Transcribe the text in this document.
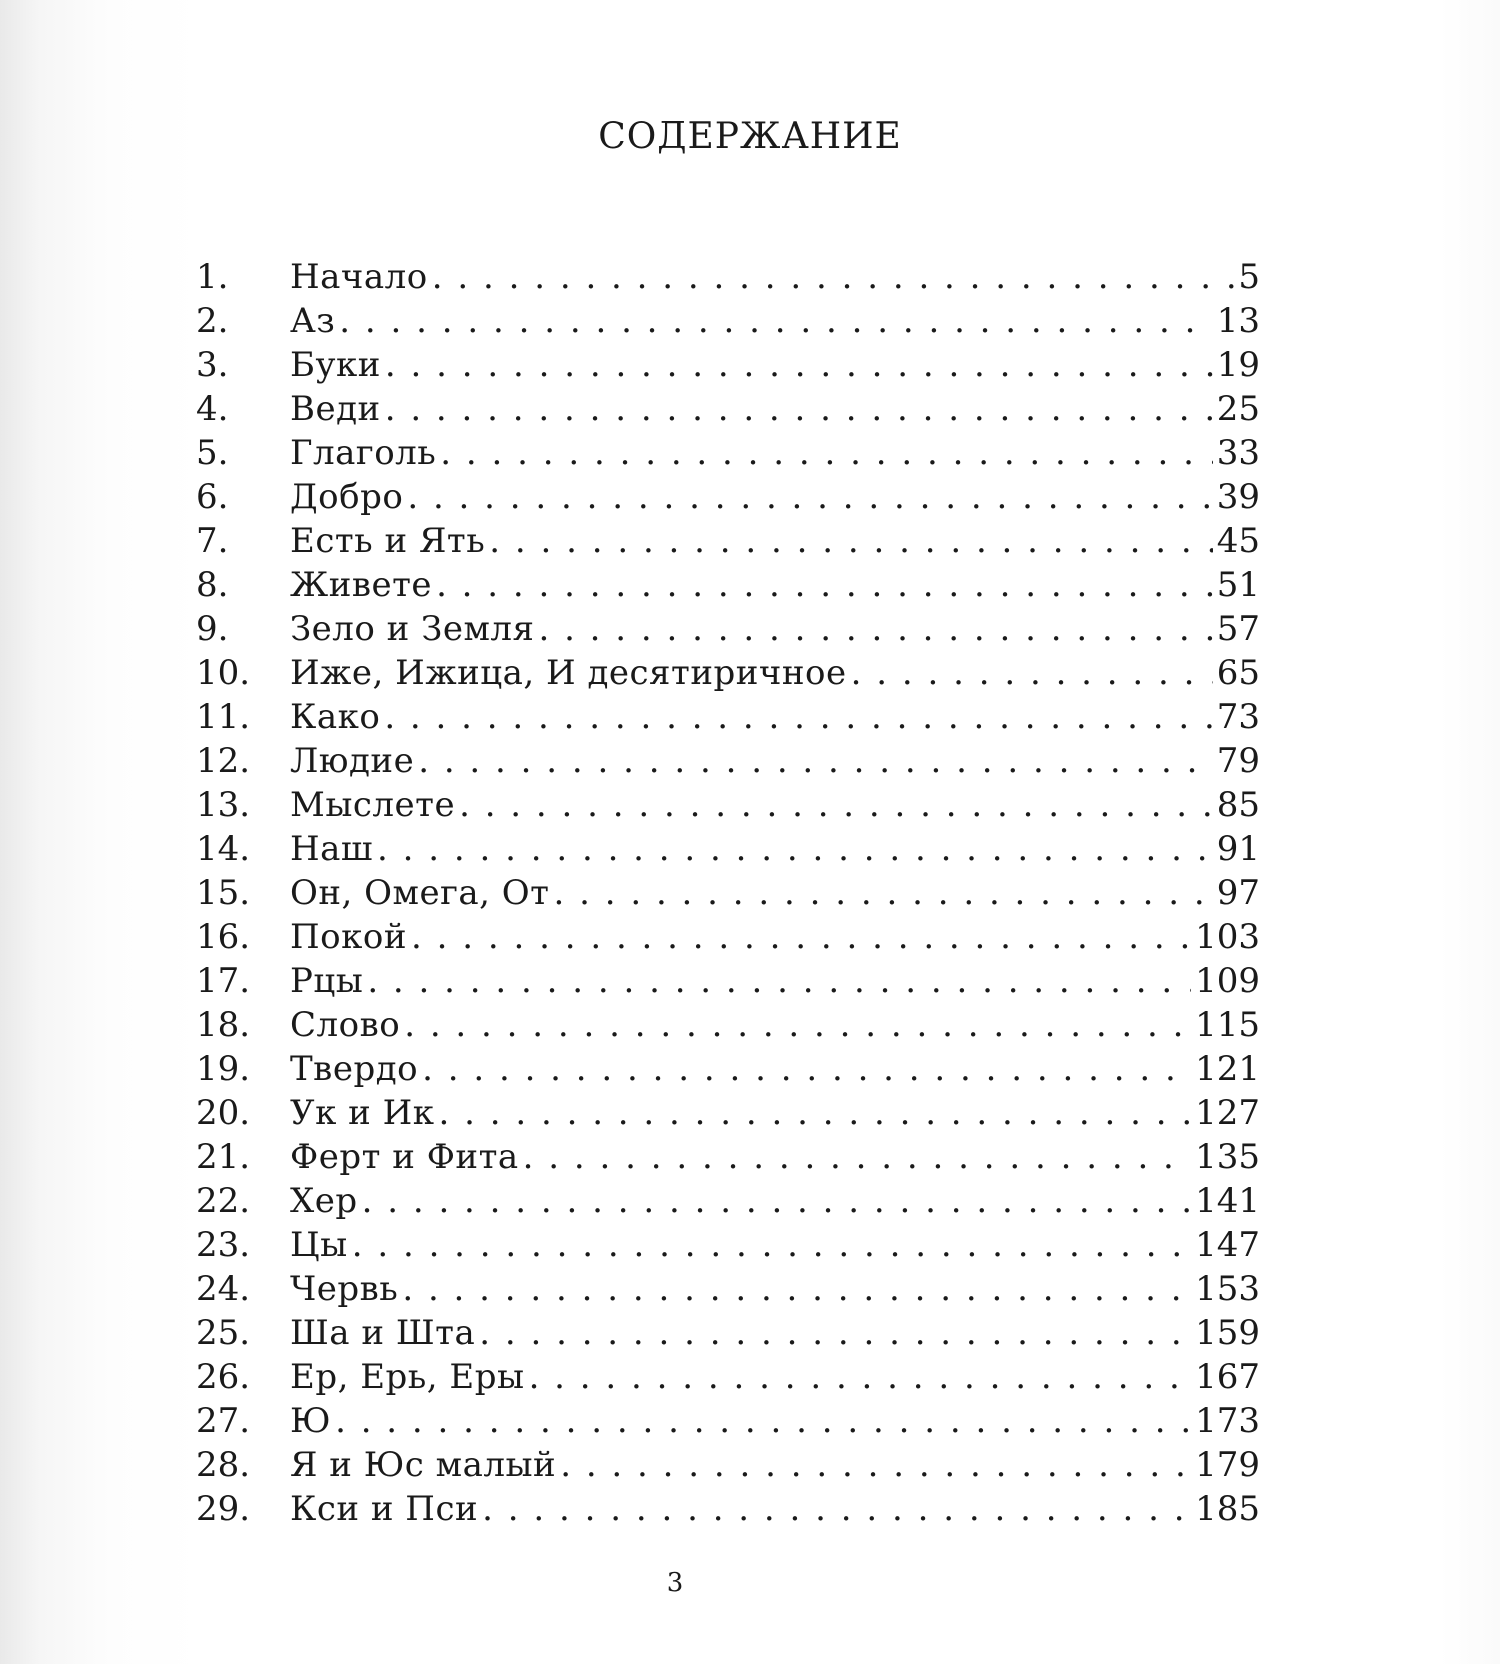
СОДЕРЖАНИЕ
1.	Начало . . .	5
2.	Аз . . .	13
3.	Буки . . .	19
4.	Веди . . .	25
5.	Глаголь . . .	33
6.	Добро . . .	39
7.	Есть и Ять . . .	45
8.	Живете . . .	51
9.	Зело и Земля . . .	57
10.	Иже, Ижица, И десятиричное . . .	65
11.	Како . . .	73
12.	Людие . . .	79
13.	Мыслете . . .	85
14.	Наш . . .	91
15.	Он, Омега, От . . .	97
16.	Покой . . .	103
17.	Рцы . . .	109
18.	Слово . . .	115
19.	Твердо . . .	121
20.	Ук и Ик . . .	127
21.	Ферт и Фита . . .	135
22.	Хер . . .	141
23.	Цы . . .	147
24.	Червь . . .	153
25.	Ша и Шта . . .	159
26.	Ер, Ерь, Еры . . .	167
27.	Ю . . .	173
28.	Я и Юс малый . . .	179
29.	Кси и Пси . . .	185
3
